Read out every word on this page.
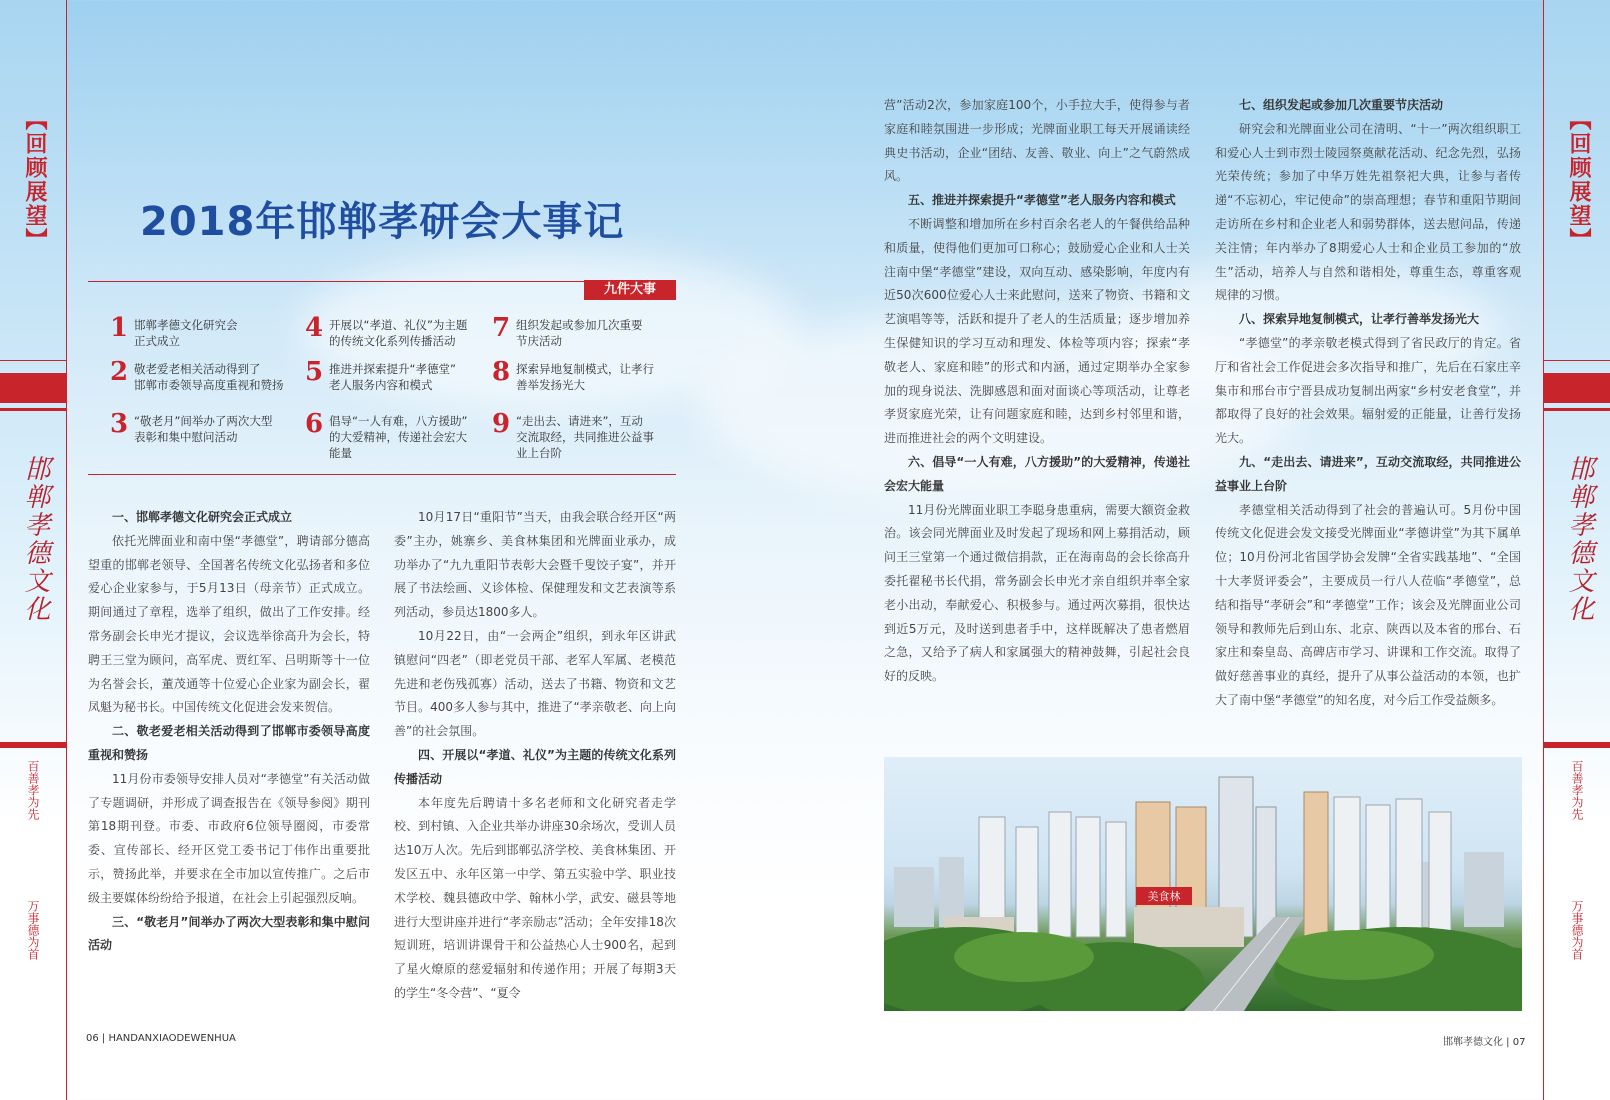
【回顾展望】
邯郸孝德文化
百善孝为先
万事德为首
【回顾展望】
邯郸孝德文化
百善孝为先
万事德为首
2018年邯郸孝研会大事记
九件大事
1 邯郸孝德文化研究会
正式成立
2 敬老爱老相关活动得到了
邯郸市委领导高度重视和赞扬
3 “敬老月”间举办了两次大型
表彰和集中慰问活动
4 开展以“孝道、礼仪”为主题
的传统文化系列传播活动
5 推进并探索提升“孝德堂”
老人服务内容和模式
6 倡导“一人有难，八方援助”
的大爱精神，传递社会宏大
能量
7 组织发起或参加几次重要
节庆活动
8 探索异地复制模式，让孝行
善举发扬光大
9 “走出去、请进来”，互动
交流取经，共同推进公益事
业上台阶
一、邯郸孝德文化研究会正式成立

依托光牌面业和南中堡“孝德堂”，聘请部分德高望重的邯郸老领导、全国著名传统文化弘扬者和多位爱心企业家参与，于5月13日（母亲节）正式成立。期间通过了章程，选举了组织，做出了工作安排。经常务副会长申光才提议，会议选举徐高升为会长，特聘王三堂为顾问，高军虎、贾红军、吕明斯等十一位为名誉会长，董茂通等十位爱心企业家为副会长，翟凤魁为秘书长。中国传统文化促进会发来贺信。

二、敬老爱老相关活动得到了邯郸市委领导高度重视和赞扬

11月份市委领导安排人员对“孝德堂”有关活动做了专题调研，并形成了调查报告在《领导参阅》期刊第18期刊登。市委、市政府6位领导圈阅，市委常委、宣传部长、经开区党工委书记丁伟作出重要批示，赞扬此举，并要求在全市加以宣传推广。之后市级主要媒体纷纷给予报道，在社会上引起强烈反响。

三、“敬老月”间举办了两次大型表彰和集中慰问活动

10月17日“重阳节”当天，由我会联合经开区“两委”主办，姚寨乡、美食林集团和光牌面业承办，成功举办了“九九重阳节表彰大会暨千叟饺子宴”，并开展了书法绘画、义诊体检、保健理发和文艺表演等系列活动，参员达1800多人。

10月22日，由“一会两企”组织，到永年区讲武镇慰问“四老”（即老党员干部、老军人军属、老模范先进和老伤残孤寡）活动，送去了书籍、物资和文艺节目。400多人参与其中，推进了“孝亲敬老、向上向善”的社会氛围。

四、开展以“孝道、礼仪”为主题的传统文化系列传播活动

本年度先后聘请十多名老师和文化研究者走学校、到村镇、入企业共举办讲座30余场次，受训人员达10万人次。先后到邯郸弘济学校、美食林集团、开发区五中、永年区第一中学、第五实验中学、职业技术学校、魏县德政中学、翰林小学，武安、磁县等地进行大型讲座并进行“孝亲励志”活动；全年安排18次短训班，培训讲课骨干和公益热心人士900名，起到了星火燎原的慈爱辐射和传递作用；开展了每期3天的学生“冬令营”、“夏令

营”活动2次，参加家庭100个，小手拉大手，使得参与者家庭和睦氛围进一步形成；光牌面业职工每天开展诵读经典史书活动，企业“团结、友善、敬业、向上”之气蔚然成风。

五、推进并探索提升“孝德堂”老人服务内容和模式

不断调整和增加所在乡村百余名老人的午餐供给品种和质量，使得他们更加可口称心；鼓励爱心企业和人士关注南中堡“孝德堂”建设，双向互动、感染影响，年度内有近50次600位爱心人士来此慰问，送来了物资、书籍和文艺演唱等等，活跃和提升了老人的生活质量；逐步增加养生保健知识的学习互动和理发、体检等项内容；探索“孝敬老人、家庭和睦”的形式和内涵，通过定期举办全家参加的现身说法、洗脚感恩和面对面谈心等项活动，让尊老孝贤家庭光荣，让有问题家庭和睦，达到乡村邻里和谐，进而推进社会的两个文明建设。

六、倡导“一人有难，八方援助”的大爱精神，传递社会宏大能量

11月份光牌面业职工李聪身患重病，需要大额资金救治。该会同光牌面业及时发起了现场和网上募捐活动，顾问王三堂第一个通过微信捐款，正在海南岛的会长徐高升委托翟秘书长代捐，常务副会长申光才亲自组织并率全家老小出动，奉献爱心、积极参与。通过两次募捐，很快达到近5万元，及时送到患者手中，这样既解决了患者燃眉之急，又给予了病人和家属强大的精神鼓舞，引起社会良好的反映。

七、组织发起或参加几次重要节庆活动

研究会和光牌面业公司在清明、“十一”两次组织职工和爱心人士到市烈士陵园祭奠献花活动、纪念先烈，弘扬光荣传统；参加了中华万姓先祖祭祀大典，让参与者传递“不忘初心，牢记使命”的崇高理想；春节和重阳节期间走访所在乡村和企业老人和弱势群体，送去慰问品，传递关注情；年内举办了8期爱心人士和企业员工参加的“放生”活动，培养人与自然和谐相处，尊重生态，尊重客观规律的习惯。

八、探索异地复制模式，让孝行善举发扬光大

“孝德堂”的孝亲敬老模式得到了省民政厅的肯定。省厅和省社会工作促进会多次指导和推广，先后在石家庄辛集市和邢台市宁晋县成功复制出两家“乡村安老食堂”，并都取得了良好的社会效果。辐射爱的正能量，让善行发扬光大。

九、“走出去、请进来”，互动交流取经，共同推进公益事业上台阶

孝德堂相关活动得到了社会的普遍认可。5月份中国传统文化促进会发文接受光牌面业“孝德讲堂”为其下属单位；10月份河北省国学协会发牌“全省实践基地”、“全国十大孝贤评委会”，主要成员一行八人莅临“孝德堂”，总结和指导“孝研会”和“孝德堂”工作；该会及光牌面业公司领导和教师先后到山东、北京、陕西以及本省的邢台、石家庄和秦皇岛、高碑店市学习、讲课和工作交流。取得了做好慈善事业的真经，提升了从事公益活动的本领，也扩大了南中堡“孝德堂”的知名度，对今后工作受益颇多。

美食林
06 | HANDANXIAODEWENHUA	邯郸孝德文化 | 07
